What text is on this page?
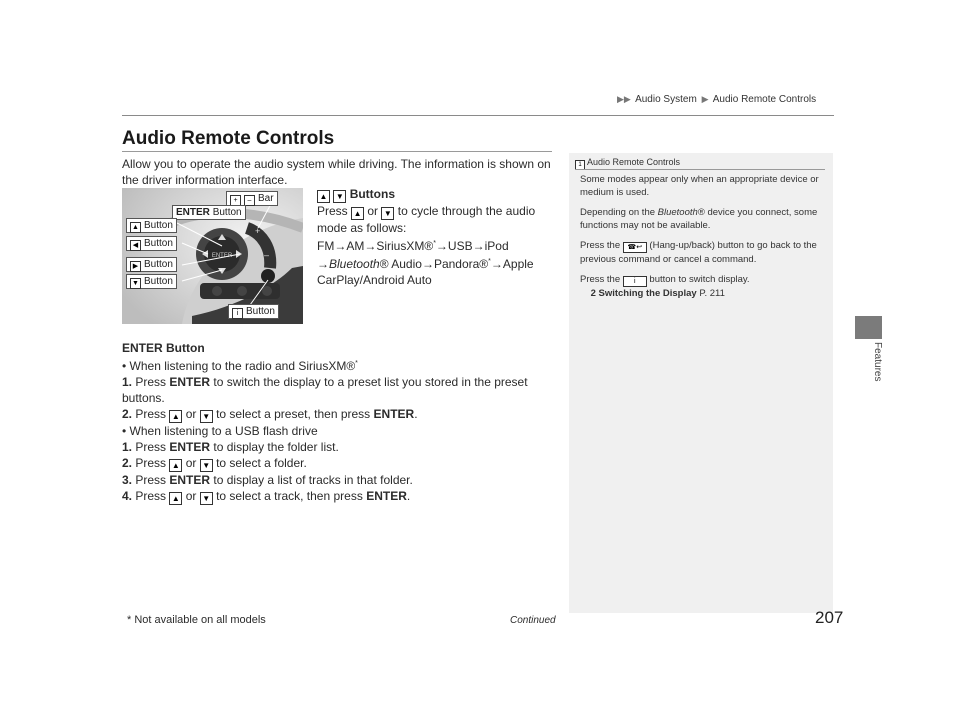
▶▶ Audio System ▶ Audio Remote Controls
Features
Audio Remote Controls
Allow you to operate the audio system while driving. The information is shown on the driver information interface.
ENTER
+
–
+ – Bar
ENTER Button
▲ Button
◀ Button
▶ Button
▼ Button
i Button
▲ ▼ Buttons
Press ▲ or ▼ to cycle through the audio
mode as follows:
FM→AM→SiriusXM®*→USB→iPod
→Bluetooth® Audio→Pandora®*→Apple
CarPlay/Android Auto
ENTER Button
• When listening to the radio and SiriusXM®*
1. Press ENTER to switch the display to a preset list you stored in the preset buttons.
2. Press ▲ or ▼ to select a preset, then press ENTER.
• When listening to a USB flash drive
1. Press ENTER to display the folder list.
2. Press ▲ or ▼ to select a folder.
3. Press ENTER to display a list of tracks in that folder.
4. Press ▲ or ▼ to select a track, then press ENTER.
1 Audio Remote Controls

Some modes appear only when an appropriate device or medium is used.

Depending on the Bluetooth® device you connect, some functions may not be available.

Press the ☎↩ (Hang-up/back) button to go back to the previous command or cancel a command.

Press the i button to switch display.
2 Switching the Display P. 211

* Not available on all models	Continued	207
